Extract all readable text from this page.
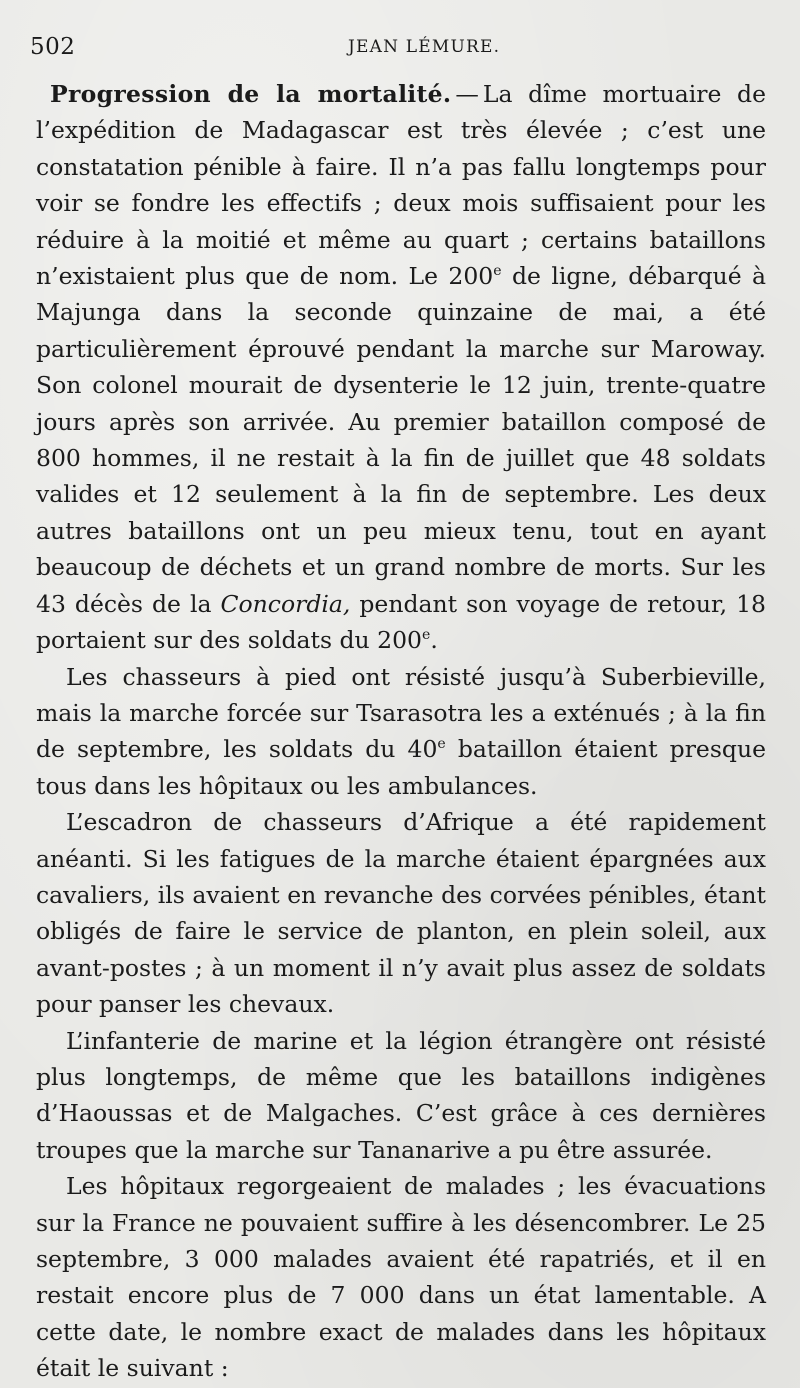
502	JEAN LÉMURE.

Progression de la mortalité. — La dîme mortuaire de l’expédition de Madagascar est très élevée ; c’est une constatation pénible à faire. Il n’a pas fallu longtemps pour voir se fondre les effectifs ; deux mois suffisaient pour les réduire à la moitié et même au quart ; certains bataillons n’existaient plus que de nom. Le 200e de ligne, débarqué à Majunga dans la seconde quinzaine de mai, a été particulièrement éprouvé pendant la marche sur Maroway. Son colonel mourait de dysenterie le 12 juin, trente-quatre jours après son arrivée. Au premier bataillon composé de 800 hommes, il ne restait à la fin de juillet que 48 soldats valides et 12 seulement à la fin de septembre. Les deux autres bataillons ont un peu mieux tenu, tout en ayant beaucoup de déchets et un grand nombre de morts. Sur les 43 décès de la Concordia, pendant son voyage de retour, 18 portaient sur des soldats du 200e.

Les chasseurs à pied ont résisté jusqu’à Suberbieville, mais la marche forcée sur Tsarasotra les a exténués ; à la fin de septembre, les soldats du 40e bataillon étaient presque tous dans les hôpitaux ou les ambulances.

L’escadron de chasseurs d’Afrique a été rapidement anéanti. Si les fatigues de la marche étaient épargnées aux cavaliers, ils avaient en revanche des corvées pénibles, étant obligés de faire le service de planton, en plein soleil, aux avant-postes ; à un moment il n’y avait plus assez de soldats pour panser les chevaux.

L’infanterie de marine et la légion étrangère ont résisté plus longtemps, de même que les bataillons indigènes d’Haoussas et de Malgaches. C’est grâce à ces dernières troupes que la marche sur Tananarive a pu être assurée.

Les hôpitaux regorgeaient de malades ; les évacuations sur la France ne pouvaient suffire à les désencombrer. Le 25 septembre, 3 000 malades avaient été rapatriés, et il en restait encore plus de 7 000 dans un état lamentable. A cette date, le nombre exact de malades dans les hôpitaux était le suivant :
